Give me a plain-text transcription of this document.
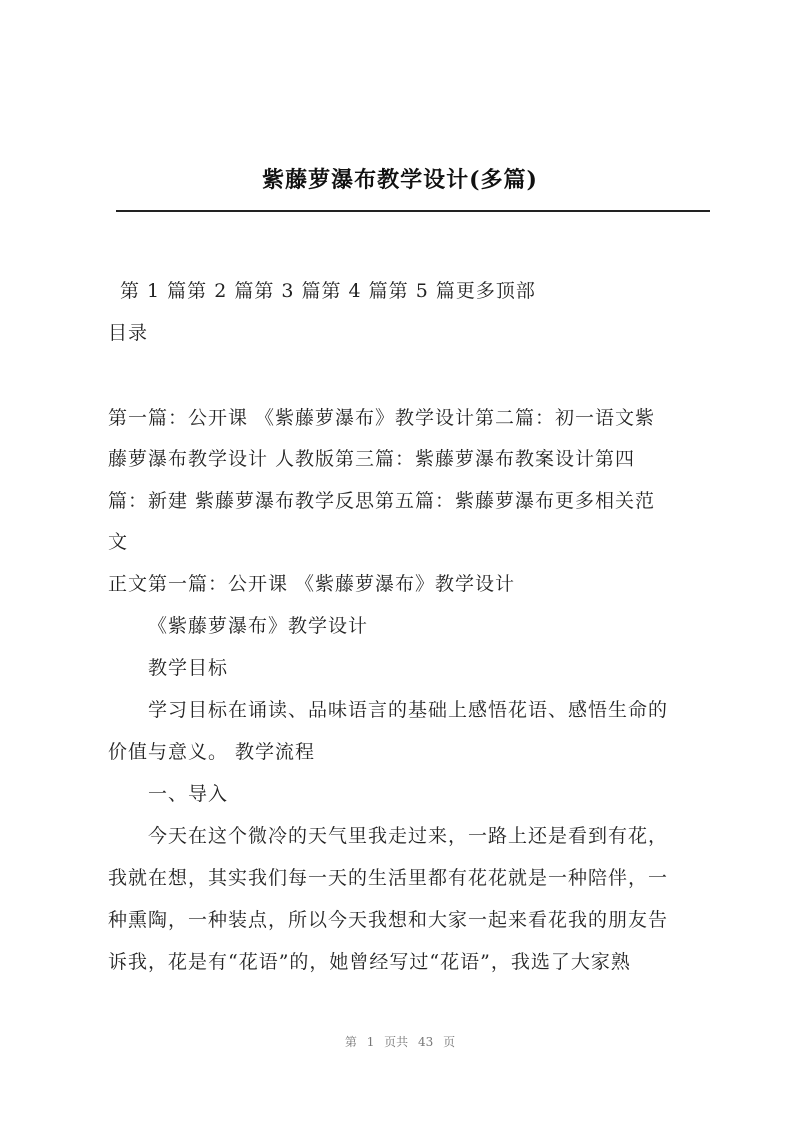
紫藤萝瀑布教学设计(多篇)
第 1 篇第 2 篇第 3 篇第 4 篇第 5 篇更多顶部
目录
第一篇：公开课 《紫藤萝瀑布》教学设计第二篇：初一语文紫
藤萝瀑布教学设计 人教版第三篇：紫藤萝瀑布教案设计第四
篇：新建 紫藤萝瀑布教学反思第五篇：紫藤萝瀑布更多相关范
文
正文第一篇：公开课 《紫藤萝瀑布》教学设计
《紫藤萝瀑布》教学设计
教学目标
学习目标在诵读、品味语言的基础上感悟花语、感悟生命的
价值与意义。 教学流程
一、导入
今天在这个微冷的天气里我走过来，一路上还是看到有花，
我就在想，其实我们每一天的生活里都有花花就是一种陪伴，一
种熏陶，一种装点，所以今天我想和大家一起来看花我的朋友告
诉我，花是有“花语”的，她曾经写过“花语”，我选了大家熟
第 1 页共 43 页
